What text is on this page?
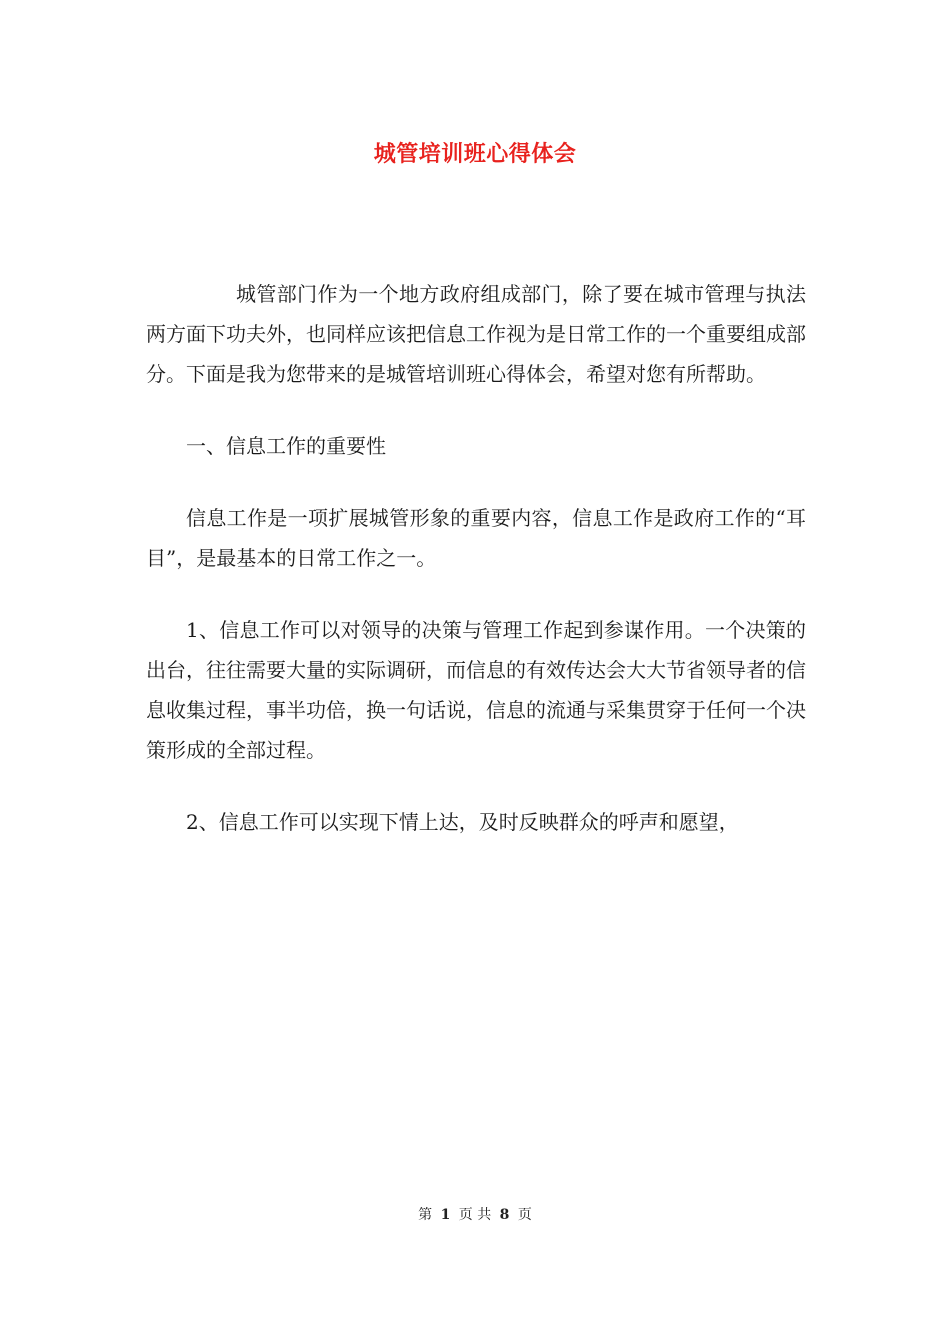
城管培训班心得体会

城管部门作为一个地方政府组成部门，除了要在城市管理与执法两方面下功夫外，也同样应该把信息工作视为是日常工作的一个重要组成部分。下面是我为您带来的是城管培训班心得体会，希望对您有所帮助。

一、信息工作的重要性

信息工作是一项扩展城管形象的重要内容，信息工作是政府工作的“耳目”，是最基本的日常工作之一。

1、信息工作可以对领导的决策与管理工作起到参谋作用。一个决策的出台，往往需要大量的实际调研，而信息的有效传达会大大节省领导者的信息收集过程，事半功倍，换一句话说，信息的流通与采集贯穿于任何一个决策形成的全部过程。

2、信息工作可以实现下情上达，及时反映群众的呼声和愿望，

第 1 页 共 8 页
